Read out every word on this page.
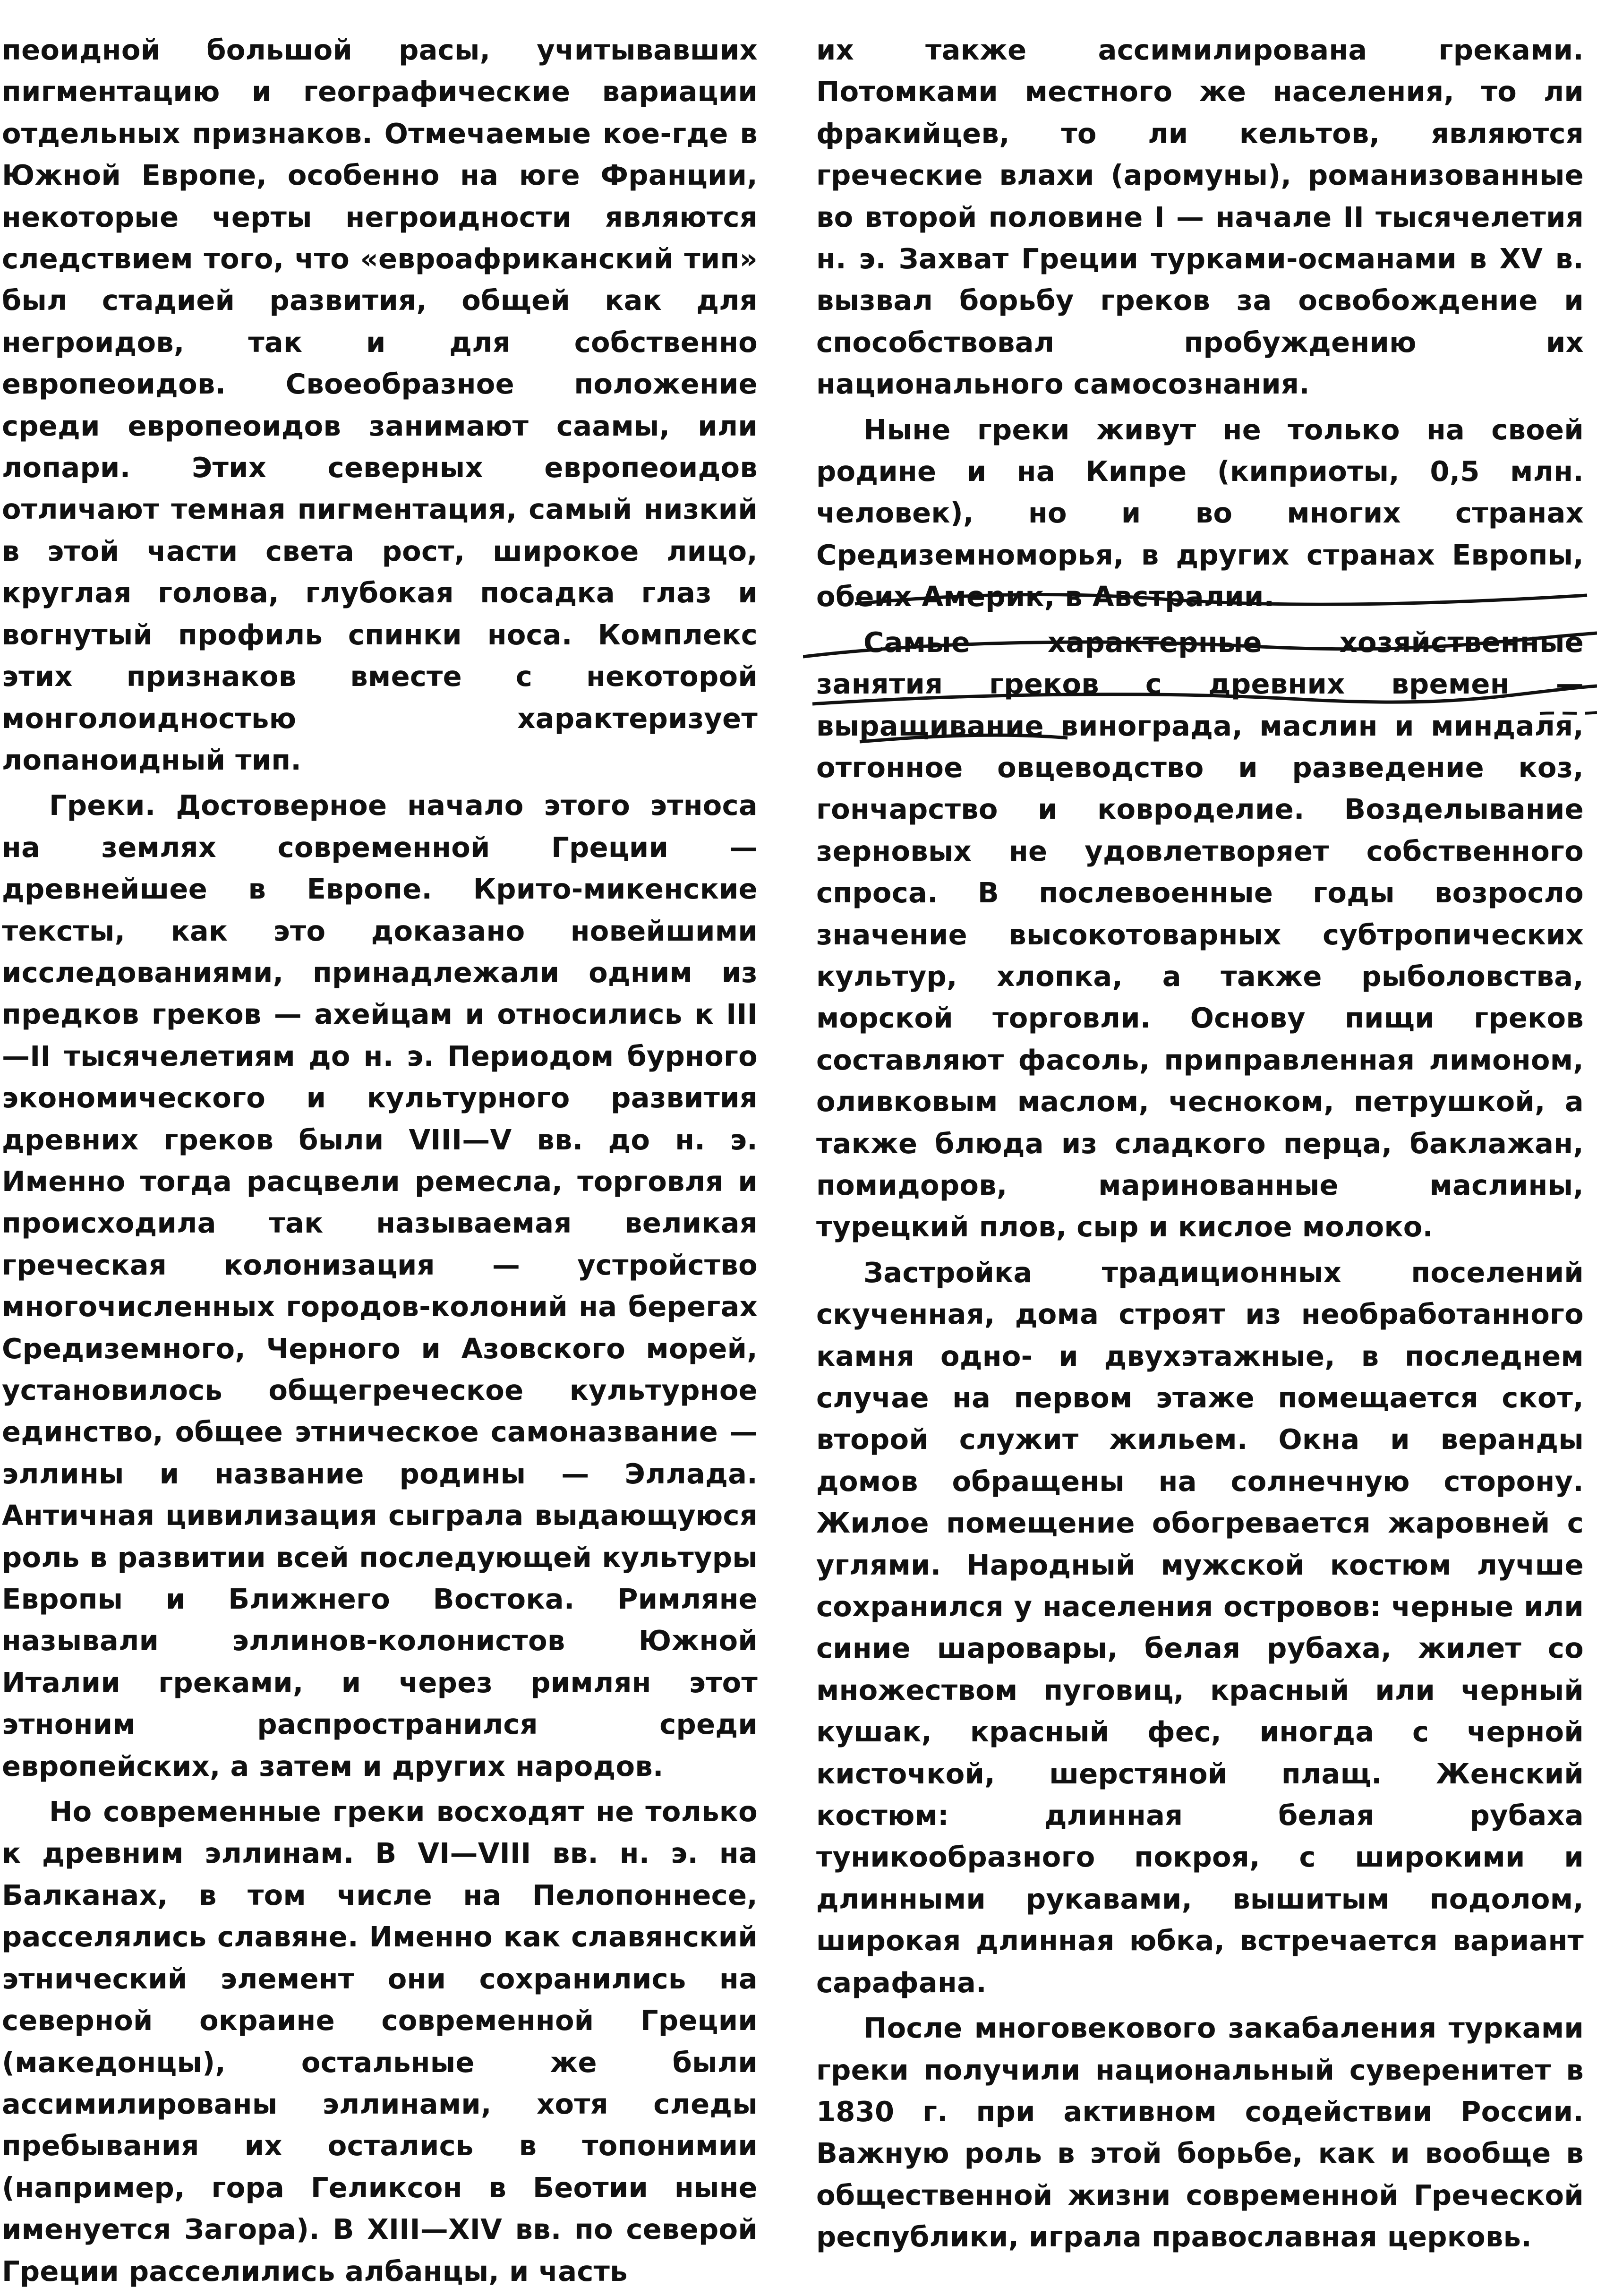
пеоидной большой расы, учитывавших пигментацию и географические вариации отдельных признаков. Отмечаемые кое-где в Южной Европе, особенно на юге Франции, некоторые черты негроидности являются следствием того, что «евроафриканский тип» был стадией развития, общей как для негроидов, так и для собственно европеоидов. Своеобразное положение среди европеоидов занимают саамы, или лопари. Этих северных европеоидов отличают темная пигментация, самый низкий в этой части света рост, широкое лицо, круглая голова, глубокая посадка глаз и вогнутый профиль спинки носа. Комплекс этих признаков вместе с некоторой монголоидностью характеризует лопаноидный тип.

Греки. Достоверное начало этого этноса на землях современной Греции — древнейшее в Европе. Крито-микенские тексты, как это доказано новейшими исследованиями, принадлежали одним из предков греков — ахейцам и относились к III—II тысячелетиям до н. э. Периодом бурного экономического и культурного развития древних греков были VIII—V вв. до н. э. Именно тогда расцвели ремесла, торговля и происходила так называемая великая греческая колонизация — устройство многочисленных городов-колоний на берегах Средиземного, Черного и Азовского морей, установилось общегреческое культурное единство, общее этническое самоназвание — эллины и название родины — Эллада. Античная цивилизация сыграла выдающуюся роль в развитии всей последующей культуры Европы и Ближнего Востока. Римляне называли эллинов-колонистов Южной Италии греками, и через римлян этот этноним распространился среди европейских, а затем и других народов.

Но современные греки восходят не только к древним эллинам. В VI—VIII вв. н. э. на Балканах, в том числе на Пелопоннесе, расселялись славяне. Именно как славянский этнический элемент они сохранились на северной окраине современной Греции (македонцы), остальные же были ассимилированы эллинами, хотя следы пребывания их остались в топонимии (например, гора Геликсон в Беотии ныне именуется Загора). В XIII—XIV вв. по северой Греции расселились албанцы, и часть

их также ассимилирована греками. Потомками местного же населения, то ли фракийцев, то ли кельтов, являются греческие влахи (аромуны), романизованные во второй половине I — начале II тысячелетия н. э. Захват Греции турками-османами в XV в. вызвал борьбу греков за освобождение и способствовал пробуждению их национального самосознания.

Ныне греки живут не только на своей родине и на Кипре (киприоты, 0,5 млн. человек), но и во многих странах Средиземноморья, в других странах Европы, обеих Америк, в Австралии.

Самые характерные хозяйственные занятия греков с древних времен — выращивание винограда, маслин и миндаля, отгонное овцеводство и разведение коз, гончарство и ковроделие. Возделывание зерновых не удовлетворяет собственного спроса. В послевоенные годы возросло значение высокотоварных субтропических культур, хлопка, а также рыболовства, морской торговли. Основу пищи греков составляют фасоль, приправленная лимоном, оливковым маслом, чесноком, петрушкой, а также блюда из сладкого перца, баклажан, помидоров, маринованные маслины, турецкий плов, сыр и кислое молоко.

Застройка традиционных поселений скученная, дома строят из необработанного камня одно- и двухэтажные, в последнем случае на первом этаже помещается скот, второй служит жильем. Окна и веранды домов обращены на солнечную сторону. Жилое помещение обогревается жаровней с углями. Народный мужской костюм лучше сохранился у населения островов: черные или синие шаровары, белая рубаха, жилет со множеством пуговиц, красный или черный кушак, красный фес, иногда с черной кисточкой, шерстяной плащ. Женский костюм: длинная белая рубаха туникообразного покроя, с широкими и длинными рукавами, вышитым подолом, широкая длинная юбка, встречается вариант сарафана.

После многовекового закабаления турками греки получили национальный суверенитет в 1830 г. при активном содействии России. Важную роль в этой борьбе, как и вообще в общественной жизни современной Греческой республики, играла православная церковь.
